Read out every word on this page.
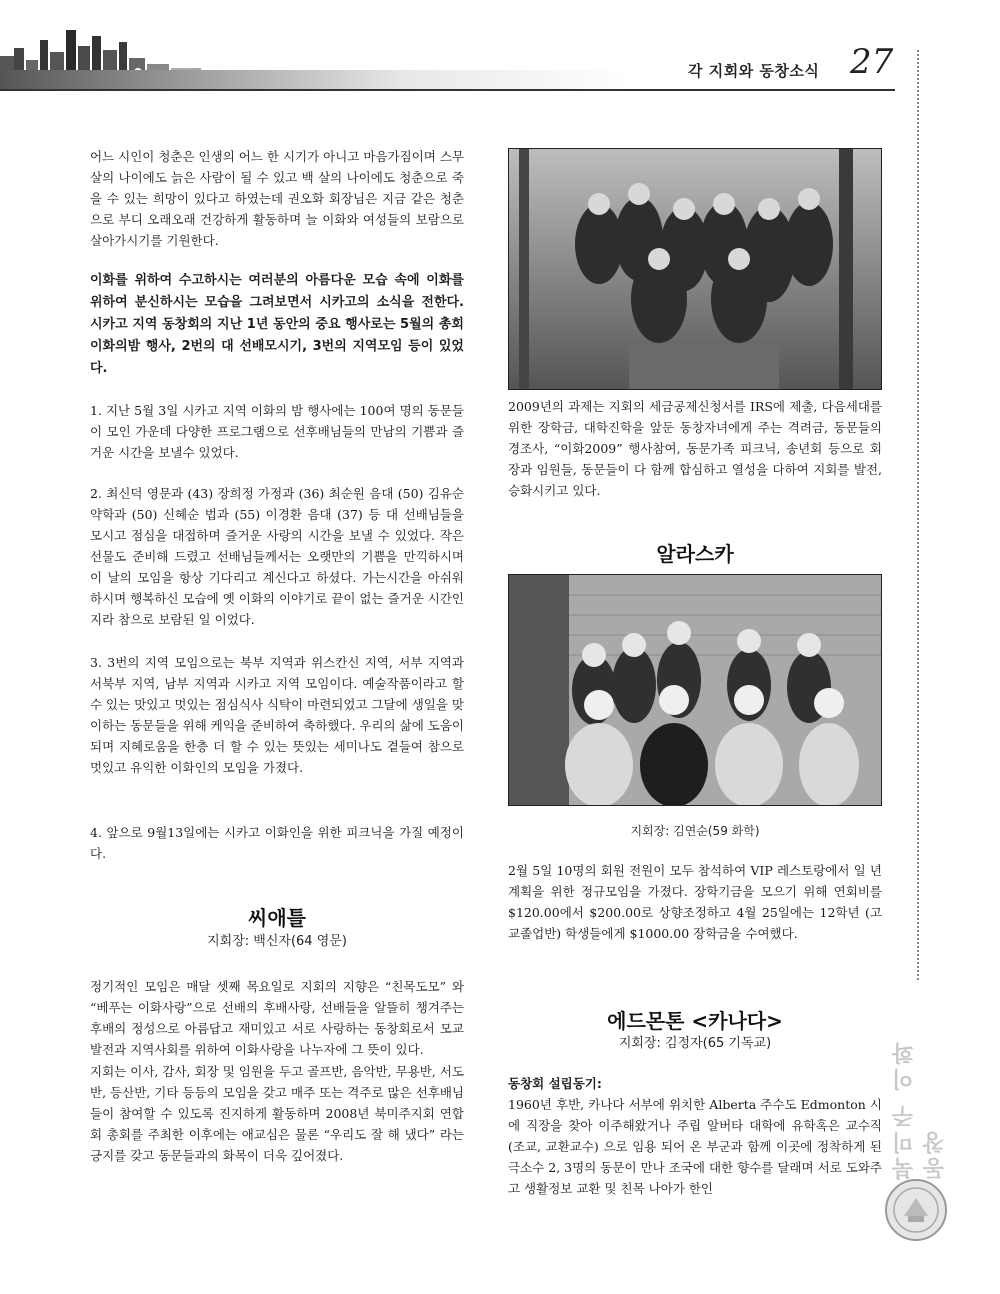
각 지회와 동창소식 27

어느 시인이 청춘은 인생의 어느 한 시기가 아니고 마음가짐이며 스무 살의 나이에도 늙은 사람이 될 수 있고 백 살의 나이에도 청춘으로 죽을 수 있는 희망이 있다고 하였는데 권오화 회장님은 지금 같은 청춘으로 부디 오래오래 건강하게 활동하며 늘 이화와 여성들의 보람으로 살아가시기를 기원한다.

이화를 위하여 수고하시는 여러분의 아름다운 모습 속에 이화를 위하여 분신하시는 모습을 그려보면서 시카고의 소식을 전한다. 시카고 지역 동창회의 지난 1년 동안의 중요 행사로는 5월의 총회 이화의밤 행사, 2번의 대 선배모시기, 3번의 지역모임 등이 있었다.

1. 지난 5월 3일 시카고 지역 이화의 밤 행사에는 100여 명의 동문들이 모인 가운데 다양한 프로그램으로 선후배님들의 만남의 기쁨과 즐거운 시간을 보낼수 있었다.

2. 최신덕 영문과 (43) 장희정 가정과 (36) 최순원 음대 (50) 김유순 약학과 (50) 신혜순 법과 (55) 이경환 음대 (37) 등 대 선배님들을 모시고 점심을 대접하며 즐거운 사랑의 시간을 보낼 수 있었다. 작은 선물도 준비해 드렸고 선배님들께서는 오랫만의 기쁨을 만끽하시며 이 날의 모임을 항상 기다리고 계신다고 하셨다. 가는시간을 아쉬워 하시며 행복하신 모습에 옛 이화의 이야기로 끝이 없는 즐거운 시간인지라 참으로 보람된 일 이었다.

3. 3번의 지역 모임으로는 북부 지역과 위스칸신 지역, 서부 지역과 서북부 지역, 남부 지역과 시카고 지역 모임이다. 예술작품이라고 할 수 있는 맛있고 멋있는 점심식사 식탁이 마련되었고 그달에 생일을 맞이하는 동문들을 위해 케익을 준비하여 축하했다. 우리의 삶에 도움이 되며 지혜로움을 한층 더 할 수 있는 뜻있는 세미나도 곁들여 참으로 멋있고 유익한 이화인의 모임을 가졌다.

4. 앞으로 9월13일에는 시카고 이화인을 위한 피크닉을 가질 예정이다.

씨애틀
지회장: 백신자(64 영문)

정기적인 모임은 매달 셋째 목요일로 지회의 지향은 “친목도모” 와 “베푸는 이화사랑”으로 선배의 후배사랑, 선배들을 알뜰히 챙겨주는 후배의 정성으로 아름답고 재미있고 서로 사랑하는 동창회로서 모교발전과 지역사회를 위하여 이화사랑을 나누자에 그 뜻이 있다.

지회는 이사, 감사, 회장 및 임원을 두고 골프반, 음악반, 무용반, 서도반, 등산반, 기타 등등의 모임을 갖고 매주 또는 격주로 많은 선후배님들이 참여할 수 있도록 진지하게 활동하며 2008년 북미주지회 연합회 총회를 주최한 이후에는 애교심은 물론 “우리도 잘 해 냈다” 라는 긍지를 갖고 동문들과의 화목이 더욱 깊어졌다.

2009년의 과제는 지회의 세금공제신청서를 IRS에 제출, 다음세대를 위한 장학금, 대학진학을 앞둔 동창자녀에게 주는 격려금, 동문들의 경조사, “이화2009” 행사참여, 동문가족 피크닉, 송년회 등으로 회장과 임원들, 동문들이 다 함께 합심하고 열성을 다하여 지회를 발전, 승화시키고 있다.

알라스카
지회장: 김연순(59 화학)

2월 5일 10명의 회원 전원이 모두 참석하여 VIP 레스토랑에서 일 년 계획을 위한 정규모임을 가졌다. 장학기금을 모으기 위해 연회비를 $120.00에서 $200.00로 상향조정하고 4월 25일에는 12학년 (고교졸업반) 학생들에게 $1000.00 장학금을 수여했다.

에드몬톤 <카나다>
지회장: 김정자(65 기독교)
동창회 설립동기:

1960년 후반, 카나다 서부에 위치한 Alberta 주수도 Edmonton 시에 직장을 찾아 이주해왔거나 주립 알버타 대학에 유학혹은 교수직(조교, 교환교수) 으로 임용 되어 온 부군과 함께 이곳에 정착하게 된 극소수 2, 3명의 동문이 만나 조국에 대한 향수를 달래며 서로 도와주고 생활정보 교환 및 친목 나아가 한인

북미주 이화동창
